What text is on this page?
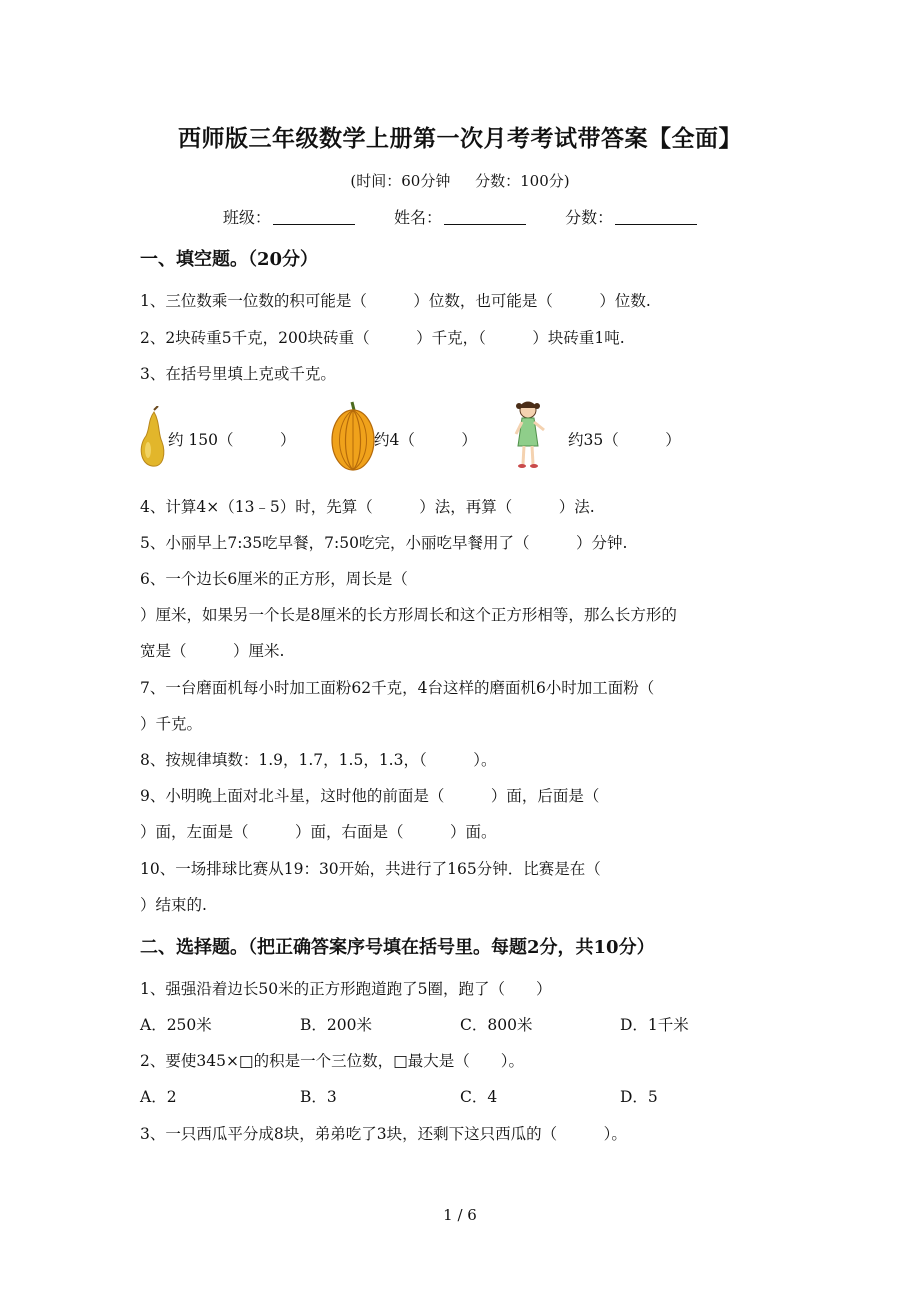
西师版三年级数学上册第一次月考考试带答案【全面】
(时间：60分钟 分数：100分)
班级：	姓名：	分数：
一、填空题。（20分）
1、三位数乘一位数的积可能是（　　　）位数，也可能是（　　　）位数.
2、2块砖重5千克，200块砖重（　　　）千克，（　　　）块砖重1吨.
3、在括号里填上克或千克。
约 150（　　　）	约4（　　　）	约35（　　　）
4、计算4×（13﹣5）时，先算（　　　）法，再算（　　　）法.
5、小丽早上7:35吃早餐，7:50吃完，小丽吃早餐用了（　　　）分钟.
6、一个边长6厘米的正方形，周长是（
）厘米，如果另一个长是8厘米的长方形周长和这个正方形相等，那么长方形的
宽是（　　　）厘米.
7、一台磨面机每小时加工面粉62千克，4台这样的磨面机6小时加工面粉（
）千克。
8、按规律填数：1.9，1.7，1.5，1.3，（　　　）。
9、小明晚上面对北斗星，这时他的前面是（　　　）面，后面是（
）面，左面是（　　　）面，右面是（　　　）面。
10、一场排球比赛从19：30开始，共进行了165分钟．比赛是在（
）结束的.
二、选择题。（把正确答案序号填在括号里。每题2分，共10分）
1、强强沿着边长50米的正方形跑道跑了5圈，跑了（　　）
A．250米	B．200米	C．800米	D．1千米
2、要使345×□的积是一个三位数，□最大是（　　）。
A．2	B．3	C．4	D．5
3、一只西瓜平分成8块，弟弟吃了3块，还剩下这只西瓜的（　　　）。
1 / 6
